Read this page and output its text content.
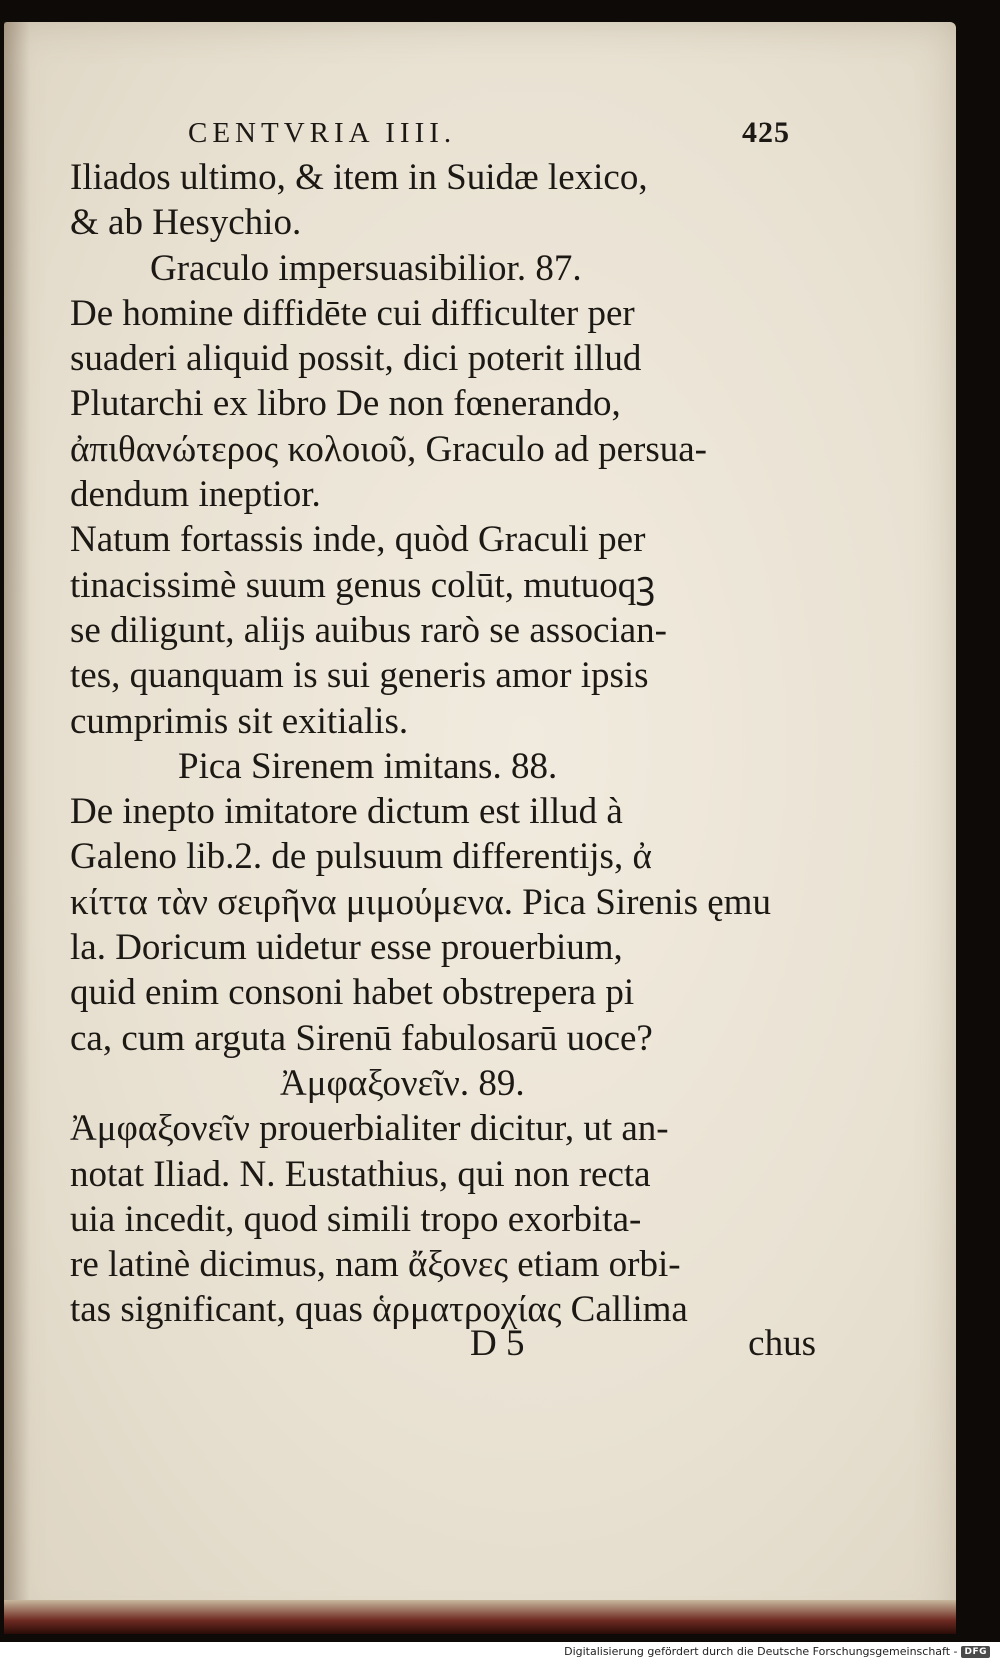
CENTVRIA IIII.	425
Iliados ultimo, & item in Suidæ lexico,
& ab Hesychio.
Graculo impersuasibilior. 87.
De homine diffidēte cui difficulter per
suaderi aliquid possit, dici poterit illud
Plutarchi ex libro De non fœnerando,
ἀπιθανώτερος κολοιοῦ, Graculo ad persua-
dendum ineptior.
Natum fortassis inde, quòd Graculi per
tinacissimè suum genus colūt, mutuoqꝫ
se diligunt, alijs auibus rarò se associan-
tes, quanquam is sui generis amor ipsis
cumprimis sit exitialis.
Pica Sirenem imitans. 88.
De inepto imitatore dictum est illud à
Galeno lib.2. de pulsuum differentijs, ἀ
κίττα τὰν σειρῆνα μιμούμενα. Pica Sirenis ęmu
la. Doricum uidetur esse prouerbium,
quid enim consoni habet obstrepera pi
ca, cum arguta Sirenū fabulosarū uoce?
Ἀμφαξονεῖν. 89.
Ἀμφαξονεῖν prouerbialiter dicitur, ut an-
notat Iliad. N. Eustathius, qui non recta
uia incedit, quod simili tropo exorbita-
re latinè dicimus, nam ἄξονες etiam orbi-
tas significant, quas ἁρματροχίας Callima
D 5	chus
Digitalisierung gefördert durch die Deutsche Forschungsgemeinschaft - DFG
